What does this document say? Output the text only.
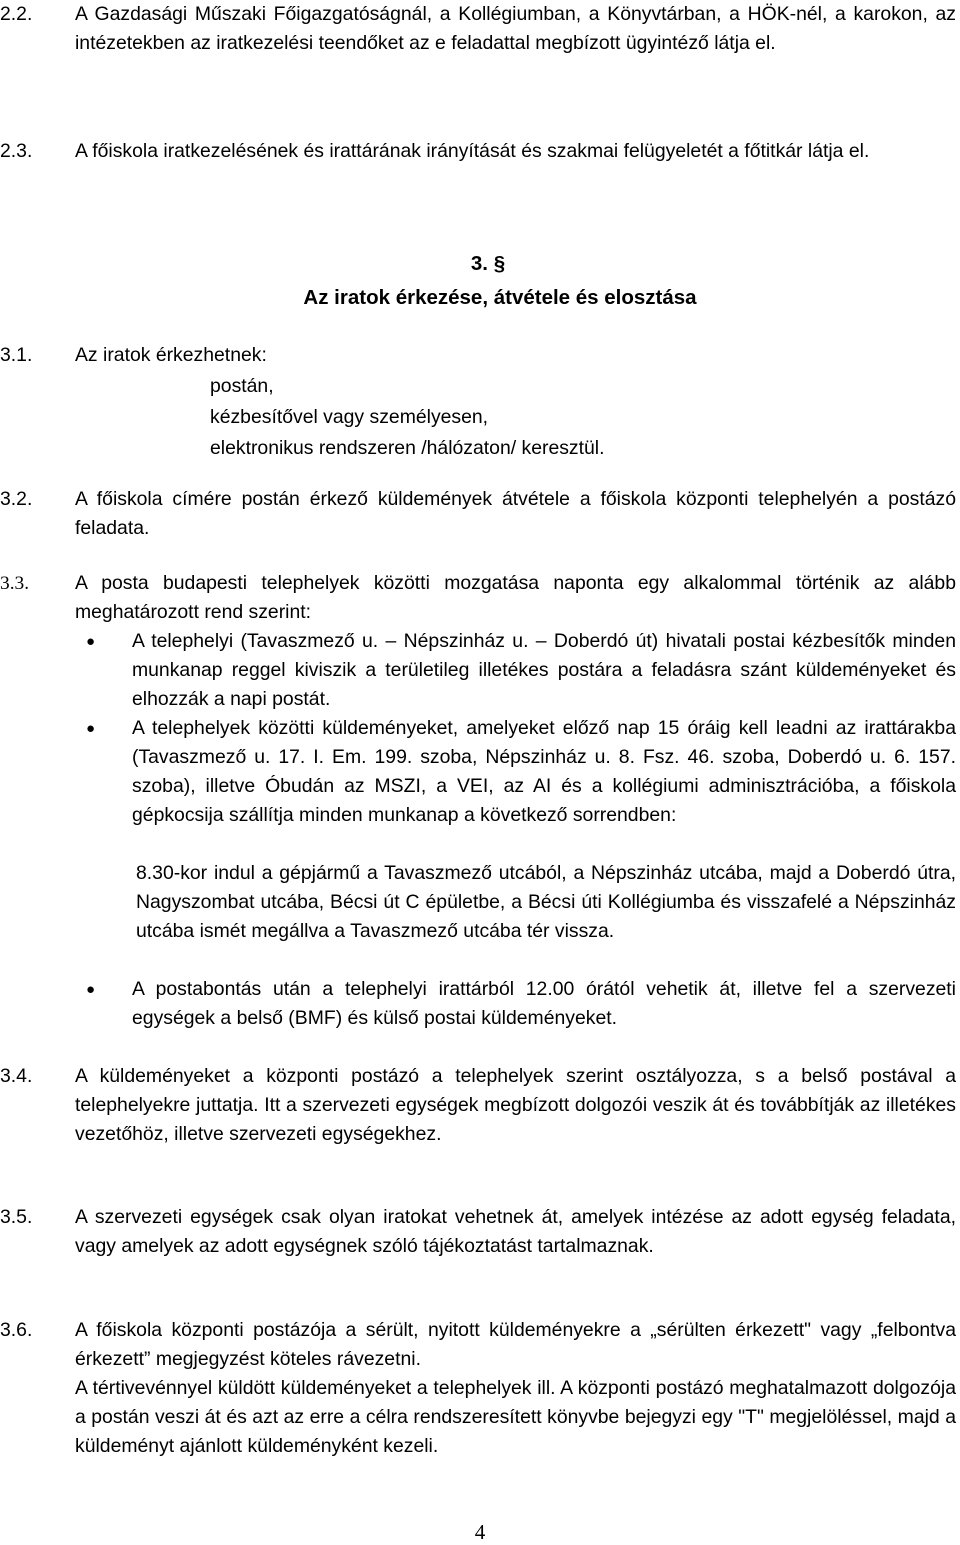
2.2. A Gazdasági Műszaki Főigazgatóságnál, a Kollégiumban, a Könyvtárban, a HÖK-nél, a karokon, az intézetekben az iratkezelési teendőket az e feladattal megbízott ügyintéző látja el.
2.3. A főiskola iratkezelésének és irattárának irányítását és szakmai felügyeletét a főtitkár látja el.
3. §
Az iratok érkezése, átvétele és elosztása
3.1. Az iratok érkezhetnek:
postán,
kézbesítővel vagy személyesen,
elektronikus rendszeren /hálózaton/ keresztül.
3.2. A főiskola címére postán érkező küldemények átvétele a főiskola központi telephelyén a postázó feladata.
3.3. A posta budapesti telephelyek közötti mozgatása naponta egy alkalommal történik az alább meghatározott rend szerint:
● A telephelyi (Tavaszmező u. – Népszinház u. – Doberdó út) hivatali postai kézbesítők minden munkanap reggel kiviszik a területileg illetékes postára a feladásra szánt küldeményeket és elhozzák a napi postát.
● A telephelyek közötti küldeményeket, amelyeket előző nap 15 óráig kell leadni az irattárakba (Tavaszmező u. 17. I. Em. 199. szoba, Népszinház u. 8. Fsz. 46. szoba, Doberdó u. 6. 157. szoba), illetve Óbudán az MSZI, a VEI, az AI és a kollégiumi adminisztrációba, a főiskola gépkocsija szállítja minden munkanap a következő sorrendben:
8.30-kor indul a gépjármű a Tavaszmező utcából, a Népszinház utcába, majd a Doberdó útra, Nagyszombat utcába, Bécsi út C épületbe, a Bécsi úti Kollégiumba és visszafelé a Népszinház utcába ismét megállva a Tavaszmező utcába tér vissza.
● A postabontás után a telephelyi irattárból 12.00 órától vehetik át, illetve fel a szervezeti egységek a belső (BMF) és külső postai küldeményeket.
3.4. A küldeményeket a központi postázó a telephelyek szerint osztályozza, s a belső postával a telephelyekre juttatja. Itt a szervezeti egységek megbízott dolgozói veszik át és továbbítják az illetékes vezetőhöz, illetve szervezeti egységekhez.
3.5. A szervezeti egységek csak olyan iratokat vehetnek át, amelyek intézése az adott egység feladata, vagy amelyek az adott egységnek szóló tájékoztatást tartalmaznak.
3.6. A főiskola központi postázója a sérült, nyitott küldeményekre a „sérülten érkezett" vagy „felbontva érkezett” megjegyzést köteles rávezetni.
A tértivevénnyel küldött küldeményeket a telephelyek ill. A központi postázó meghatalmazott dolgozója a postán veszi át és azt az erre a célra rendszeresített könyvbe bejegyzi egy "T" megjelöléssel, majd a küldeményt ajánlott küldeményként kezeli.
4
